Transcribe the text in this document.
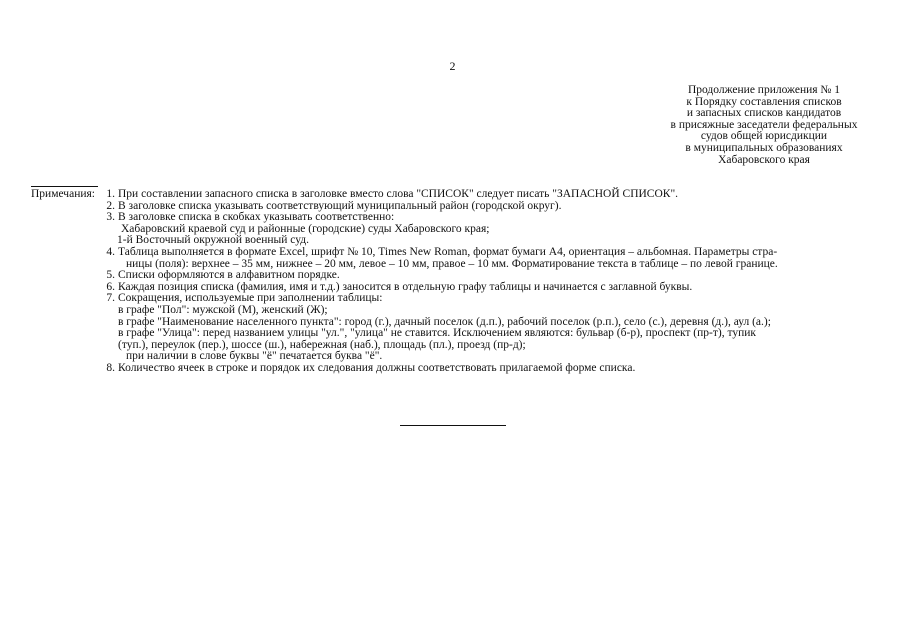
2
Продолжение приложения № 1
к Порядку составления списков
и запасных списков кандидатов
в присяжные заседатели федеральных
судов общей юрисдикции
в муниципальных образованиях
Хабаровского края
Примечания: 1. При составлении запасного списка в заголовке вместо слова "СПИСОК" следует писать "ЗАПАСНОЙ СПИСОК".
2. В заголовке списка указывать соответствующий муниципальный район (городской округ).
3. В заголовке списка в скобках указывать соответственно:
Хабаровский краевой суд и районные (городские) суды Хабаровского края;
1-й Восточный окружной военный суд.
4. Таблица выполняется в формате Excel, шрифт № 10, Times New Roman, формат бумаги А4, ориентация – альбомная. Параметры стра-
ницы (поля): верхнее – 35 мм, нижнее – 20 мм, левое – 10 мм, правое – 10 мм. Форматирование текста в таблице – по левой границе.
5. Списки оформляются в алфавитном порядке.
6. Каждая позиция списка (фамилия, имя и т.д.) заносится в отдельную графу таблицы и начинается с заглавной буквы.
7. Сокращения, используемые при заполнении таблицы:
в графе "Пол": мужской (М), женский (Ж);
в графе "Наименование населенного пункта": город (г.), дачный поселок (д.п.), рабочий поселок (р.п.), село (с.), деревня (д.), аул (а.);
в графе "Улица": перед названием улицы "ул.", "улица" не ставится. Исключением являются: бульвар (б-р), проспект (пр-т), тупик
(туп.), переулок (пер.), шоссе (ш.), набережная (наб.), площадь (пл.), проезд (пр-д);
при наличии в слове буквы "ё" печатается буква "ё".
8. Количество ячеек в строке и порядок их следования должны соответствовать прилагаемой форме списка.
